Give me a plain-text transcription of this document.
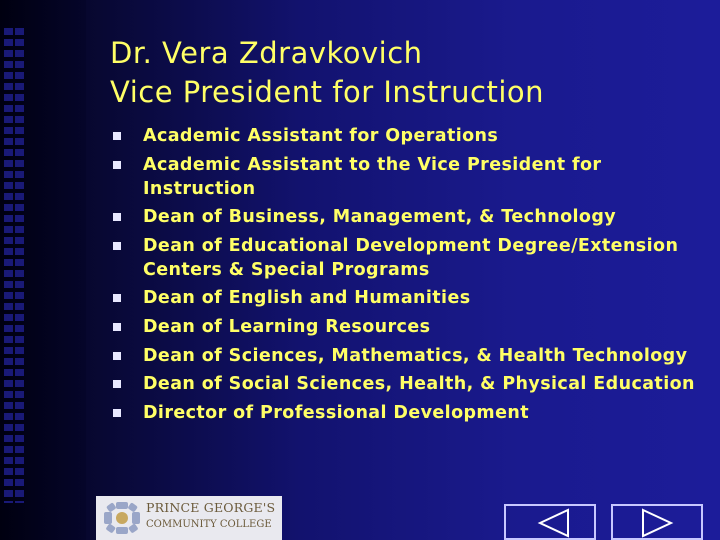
Dr. Vera Zdravkovich
Vice President for Instruction
Academic Assistant for Operations
Academic Assistant to the Vice President for Instruction
Dean of Business, Management, & Technology
Dean of Educational Development Degree/Extension Centers & Special Programs
Dean of English and Humanities
Dean of Learning Resources
Dean of Sciences, Mathematics, & Health Technology
Dean of Social Sciences, Health, & Physical Education
Director of Professional Development
PRINCE GEORGE'S
COMMUNITY COLLEGE
